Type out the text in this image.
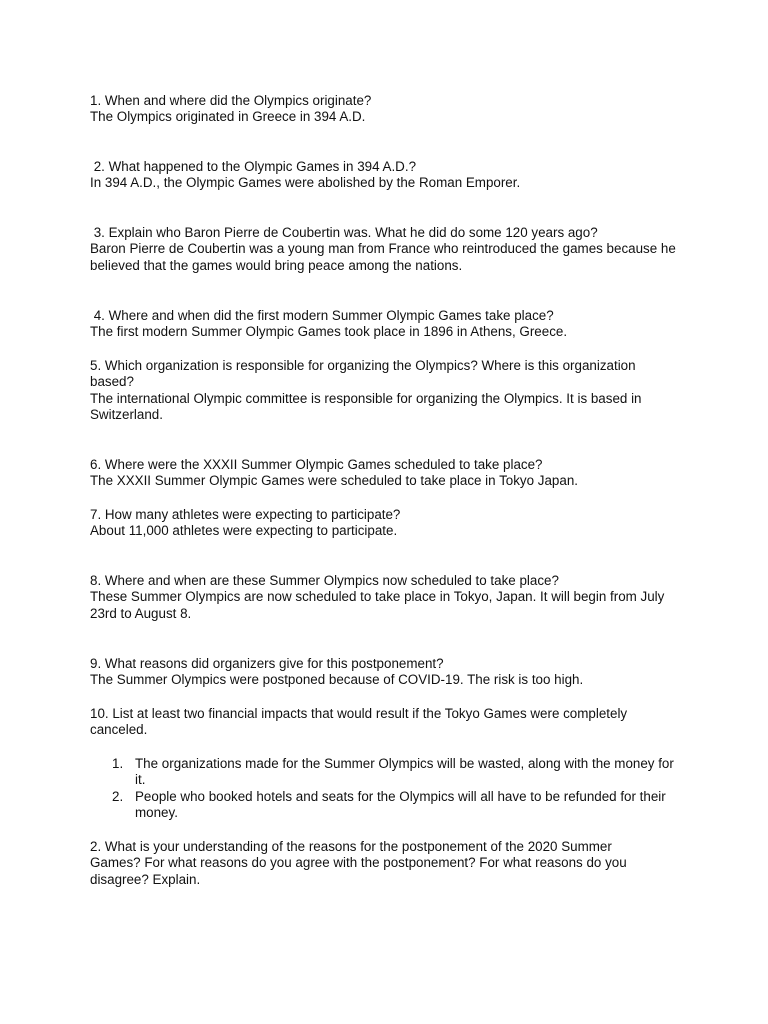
1. When and where did the Olympics originate?

The Olympics originated in Greece in 394 A.D.

2. What happened to the Olympic Games in 394 A.D.?

In 394 A.D., the Olympic Games were abolished by the Roman Emporer.

3. Explain who Baron Pierre de Coubertin was. What he did do some 120 years ago?

Baron Pierre de Coubertin was a young man from France who reintroduced the games because he believed that the games would bring peace among the nations.

4. Where and when did the first modern Summer Olympic Games take place?

The first modern Summer Olympic Games took place in 1896 in Athens, Greece.

5. Which organization is responsible for organizing the Olympics? Where is this organization based?

The international Olympic committee is responsible for organizing the Olympics. It is based in Switzerland.

6. Where were the XXXII Summer Olympic Games scheduled to take place?

The XXXII Summer Olympic Games were scheduled to take place in Tokyo Japan.

7. How many athletes were expecting to participate?

About 11,000 athletes were expecting to participate.

8. Where and when are these Summer Olympics now scheduled to take place?

These Summer Olympics are now scheduled to take place in Tokyo, Japan. It will begin from July 23rd to August 8.

9. What reasons did organizers give for this postponement?

The Summer Olympics were postponed because of COVID-19. The risk is too high.

10. List at least two financial impacts that would result if the Tokyo Games were completely canceled.

1. The organizations made for the Summer Olympics will be wasted, along with the money for it.
2. People who booked hotels and seats for the Olympics will all have to be refunded for their money.

2. What is your understanding of the reasons for the postponement of the 2020 Summer Games? For what reasons do you agree with the postponement? For what reasons do you disagree? Explain.
